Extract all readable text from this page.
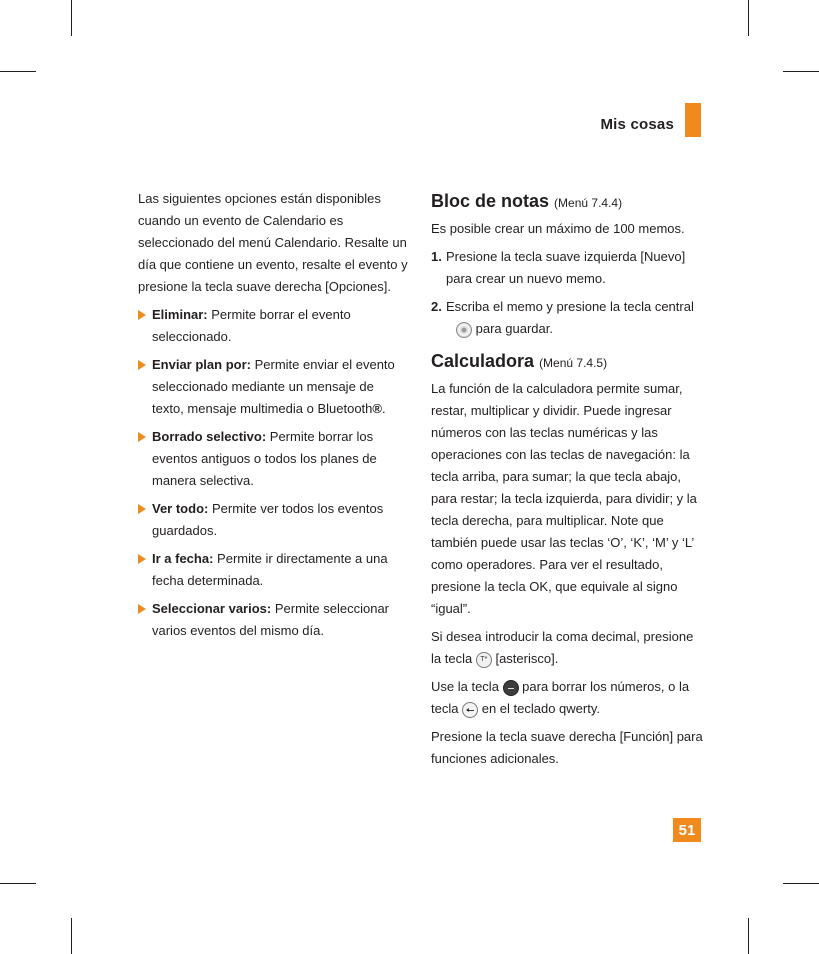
Mis cosas

Las siguientes opciones están disponibles cuando un evento de Calendario es seleccionado del menú Calendario. Resalte un día que contiene un evento, resalte el evento y presione la tecla suave derecha [Opciones].

Eliminar: Permite borrar el evento seleccionado.
Enviar plan por: Permite enviar el evento seleccionado mediante un mensaje de texto, mensaje multimedia o Bluetooth®.
Borrado selectivo: Permite borrar los eventos antiguos o todos los planes de manera selectiva.
Ver todo: Permite ver todos los eventos guardados.
Ir a fecha: Permite ir directamente a una fecha determinada.
Seleccionar varios: Permite seleccionar varios eventos del mismo día.
Bloc de notas (Menú 7.4.4)

Es posible crear un máximo de 100 memos.

1. Presione la tecla suave izquierda [Nuevo] para crear un nuevo memo.
2. Escriba el memo y presione la tecla central  para guardar.
Calculadora (Menú 7.4.5)

La función de la calculadora permite sumar, restar, multiplicar y dividir. Puede ingresar números con las teclas numéricas y las operaciones con las teclas de navegación: la tecla arriba, para sumar; la que tecla abajo, para restar; la tecla izquierda, para dividir; y la tecla derecha, para multiplicar. Note que también puede usar las teclas ‘O’, ‘K’, ‘M’ y ‘L’ como operadores. Para ver el resultado, presione la tecla OK, que equivale al signo “igual”.

Si desea introducir la coma decimal, presione la tecla T* [asterisco].

Use la tecla para borrar los números, o la tecla en el teclado qwerty.

Presione la tecla suave derecha [Función] para funciones adicionales.

51
